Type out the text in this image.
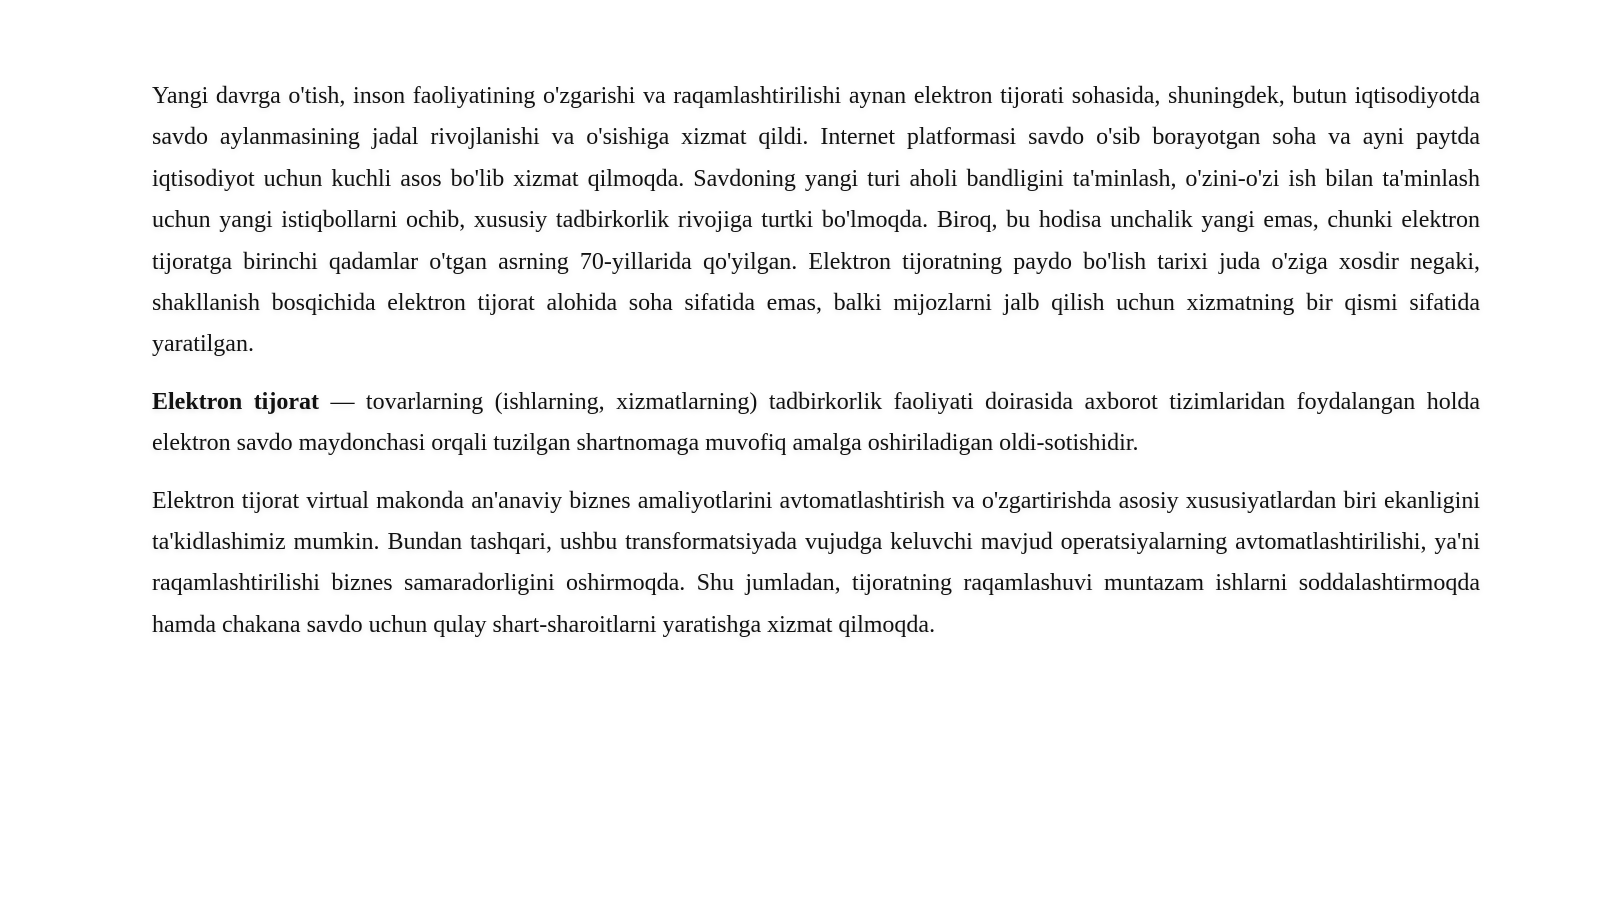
Yangi davrga o'tish, inson faoliyatining o'zgarishi va raqamlashtirilishi aynan elektron tijorati sohasida, shuningdek, butun iqtisodiyotda savdo aylanmasining jadal rivojlanishi va o'sishiga xizmat qildi. Internet platformasi savdo o'sib borayotgan soha va ayni paytda iqtisodiyot uchun kuchli asos bo'lib xizmat qilmoqda. Savdoning yangi turi aholi bandligini ta'minlash, o'zini-o'zi ish bilan ta'minlash uchun yangi istiqbollarni ochib, xususiy tadbirkorlik rivojiga turtki bo'lmoqda. Biroq, bu hodisa unchalik yangi emas, chunki elektron tijoratga birinchi qadamlar o'tgan asrning 70-yillarida qo'yilgan. Elektron tijoratning paydo bo'lish tarixi juda o'ziga xosdir negaki, shakllanish bosqichida elektron tijorat alohida soha sifatida emas, balki mijozlarni jalb qilish uchun xizmatning bir qismi sifatida yaratilgan.

Elektron tijorat — tovarlarning (ishlarning, xizmatlarning) tadbirkorlik faoliyati doirasida axborot tizimlaridan foydalangan holda elektron savdo maydonchasi orqali tuzilgan shartnomaga muvofiq amalga oshiriladigan oldi-sotishidir.

Elektron tijorat virtual makonda an'anaviy biznes amaliyotlarini avtomatlashtirish va o'zgartirishda asosiy xususiyatlardan biri ekanligini ta'kidlashimiz mumkin. Bundan tashqari, ushbu transformatsiyada vujudga keluvchi mavjud operatsiyalarning avtomatlashtirilishi, ya'ni raqamlashtirilishi biznes samaradorligini oshirmoqda. Shu jumladan, tijoratning raqamlashuvi muntazam ishlarni soddalashtirmoqda hamda chakana savdo uchun qulay shart-sharoitlarni yaratishga xizmat qilmoqda.
